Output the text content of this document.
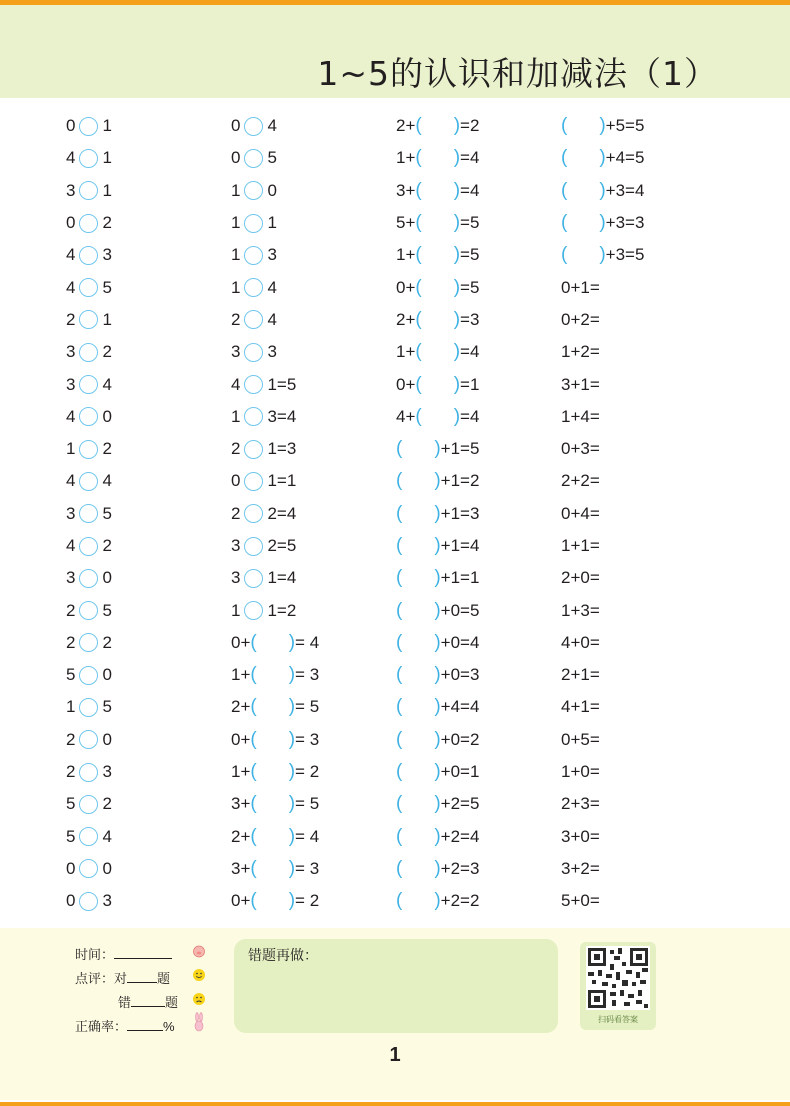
1~5的认识和加减法（1）
0 1
4 1
3 1
0 2
4 3
4 5
2 1
3 2
3 4
4 0
1 2
4 4
3 5
4 2
3 0
2 5
2 2
5 0
1 5
2 0
2 3
5 2
5 4
0 0
0 3
0 4
0 5
1 0
1 1
1 3
1 4
2 4
3 3
4 1=5
1 3=4
2 1=3
0 1=1
2 2=4
3 2=5
3 1=4
1 1=2
0+ ( ) = 4
1+ ( ) = 3
2+ ( ) = 5
0+ ( ) = 3
1+ ( ) = 2
3+ ( ) = 5
2+ ( ) = 4
3+ ( ) = 3
0+ ( ) = 2
2+ ( ) =2
1+ ( ) =4
3+ ( ) =4
5+ ( ) =5
1+ ( ) =5
0+ ( ) =5
2+ ( ) =3
1+ ( ) =4
0+ ( ) =1
4+ ( ) =4
( ) +1=5
( ) +1=2
( ) +1=3
( ) +1=4
( ) +1=1
( ) +0=5
( ) +0=4
( ) +0=3
( ) +4=4
( ) +0=2
( ) +0=1
( ) +2=5
( ) +2=4
( ) +2=3
( ) +2=2
( ) +5=5
( ) +4=5
( ) +3=4
( ) +3=3
( ) +3=5
0+1=
0+2=
1+2=
3+1=
1+4=
0+3=
2+2=
0+4=
1+1=
2+0=
1+3=
4+0=
2+1=
4+1=
0+5=
1+0=
2+3=
3+0=
3+2=
5+0=
时间：
点评：对 题
错	题
正确率：	%
错题再做：
扫码看答案
1
